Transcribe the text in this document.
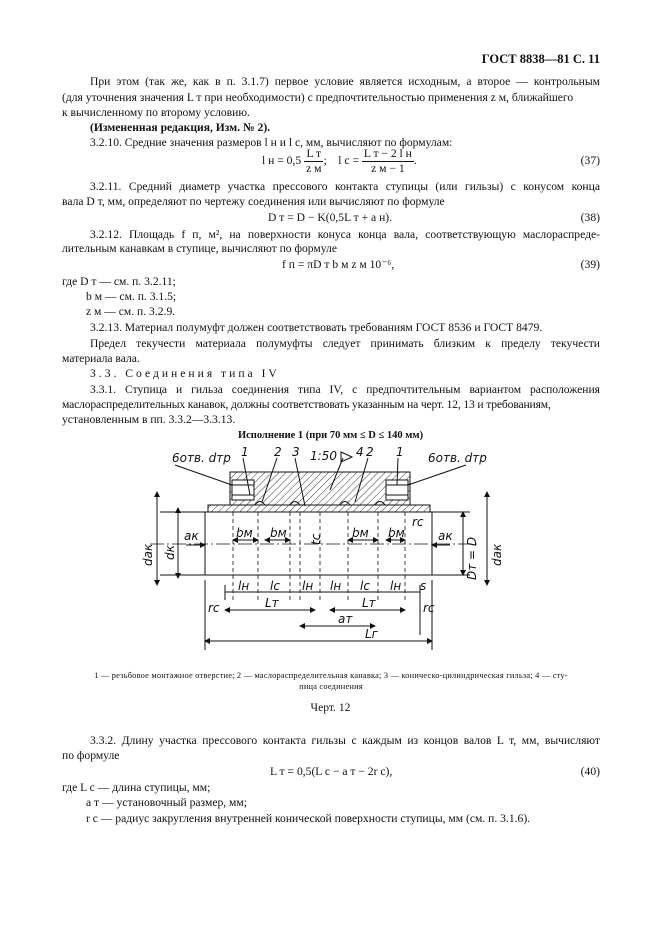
ГОСТ 8838—81 С. 11
При этом (так же, как в п. 3.1.7) первое условие является исходным, а второе — контрольным
(для уточнения значения L т при необходимости) с предпочтительностью применения z м, ближайшего
к вычисленному по второму условию.
(Измененная редакция, Изм. № 2).
3.2.10. Средние значения размеров l н и l с, мм, вычисляют по формулам:
l $н = 0,5 \frac{\text{L т}}{\text{z м}}$ ;    l $с = \frac{\text{L т − 2 l н}}{\text{z м − 1}}$ .	(37)
3.2.11. Средний диаметр участка прессового контакта ступицы (или гильзы) с конусом конца
вала D т, мм, определяют по чертежу соединения или вычисляют по формуле
D т = D − K(0,5L т + a н).	(38)
3.2.12. Площадь f п, м², на поверхности конуса конца вала, соответствующую маслораспреде-
лительным канавкам в ступице, вычисляют по формуле
f п = πD т b м z м 10⁻⁶,	(39)
где D т — см. п. 3.2.11;
b м — см. п. 3.1.5;
z м — см. п. 3.2.9.
3.2.13. Материал полумуфт должен соответствовать требованиям ГОСТ 8536 и ГОСТ 8479.
Предел текучести материала полумуфты следует принимать близким к пределу текучести
материала вала.
3.3. Соединения типа IV
3.3.1. Ступица и гильза соединения типа IV, с предпочтительным вариантом расположения
маслораспределительных канавок, должны соответствовать указанным на черт. 12, 13 и требованиям,
установленным в пп. 3.3.2—3.3.13.
Исполнение 1 (при 70 мм ≤ D ≤ 140 мм)
6отв. dтр	6отв. dтр
1 2 3 1:50 4 2 1
dак dк
aк	aк
dак
Dт = D
rс
rс	rс
tс
bм bм	bм bм
lн lс lн lн lс lн s
Lт	Lт
aт
Lг
1 — резьбовое монтажное отверстие; 2 — маслораспределительная канавка; 3 — коническо-цилиндрическая гильза; 4 — сту-
пица соединения
Черт. 12
3.3.2. Длину участка прессового контакта гильзы с каждым из концов валов L т, мм, вычисляют
по формуле
L т = 0,5(L с − a т − 2r с),	(40)
где L с — длина ступицы, мм;
a т — установочный размер, мм;
r с — радиус закругления внутренней конической поверхности ступицы, мм (см. п. 3.1.6).
